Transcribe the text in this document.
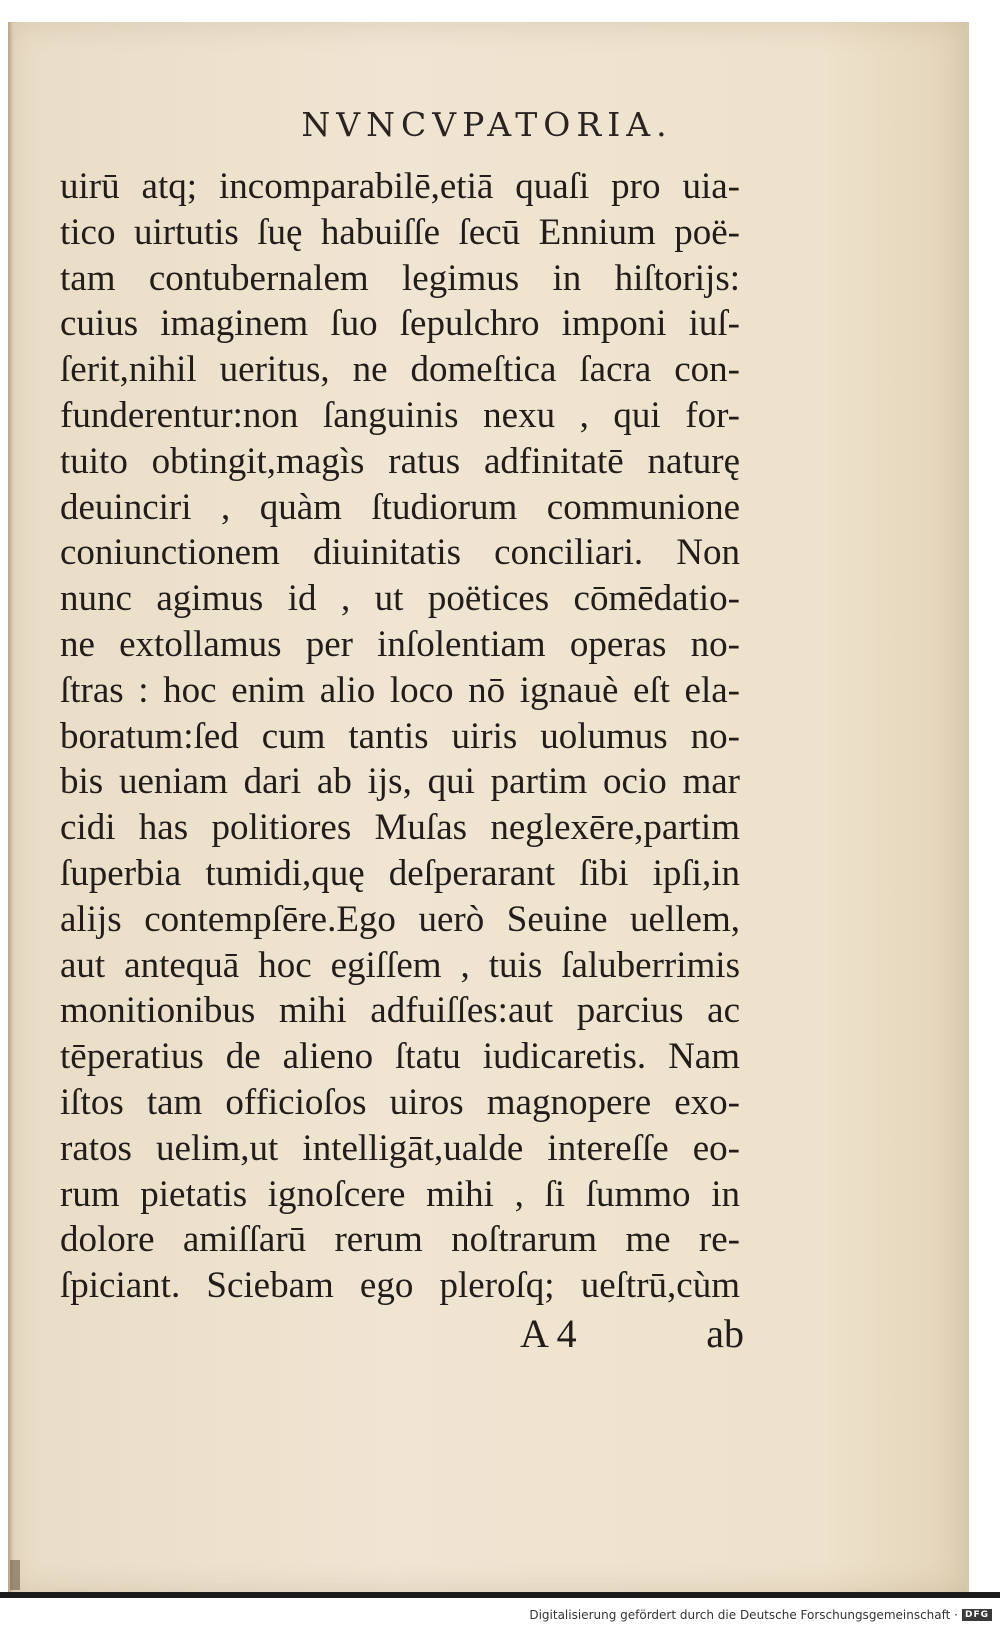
NVNCVPATORIA.
uirū atq; incomparabilē,etiā quaſi pro uia-
tico uirtutis ſuę habuiſſe ſecū Ennium poë-
tam contubernalem legimus in hiſtorijs:
cuius imaginem ſuo ſepulchro imponi iuſ-
ſerit,nihil ueritus, ne domeſtica ſacra con-
funderentur:non ſanguinis nexu , qui for-
tuito obtingit,magìs ratus adfinitatē naturę
deuinciri , quàm ſtudiorum communione
coniunctionem diuinitatis conciliari. Non
nunc agimus id , ut poëtices cōmēdatio-
ne extollamus per inſolentiam operas no-
ſtras : hoc enim alio loco nō ignauè eſt ela-
boratum:ſed cum tantis uiris uolumus no-
bis ueniam dari ab ijs, qui partim ocio mar
cidi has politiores Muſas neglexēre,partim
ſuperbia tumidi,quę deſperarant ſibi ipſi,in
alijs contempſēre.Ego uerò Seuine uellem,
aut antequā hoc egiſſem , tuis ſaluberrimis
monitionibus mihi adfuiſſes:aut parcius ac
tēperatius de alieno ſtatu iudicaretis. Nam
iſtos tam officioſos uiros magnopere exo-
ratos uelim,ut intelligāt,ualde intereſſe eo-
rum pietatis ignoſcere mihi , ſi ſummo in
dolore amiſſarū rerum noſtrarum me re-
ſpiciant. Sciebam ego pleroſq; ueſtrū,cùm
A 4	ab
Digitalisierung gefördert durch die Deutsche Forschungsgemeinschaft · DFG
